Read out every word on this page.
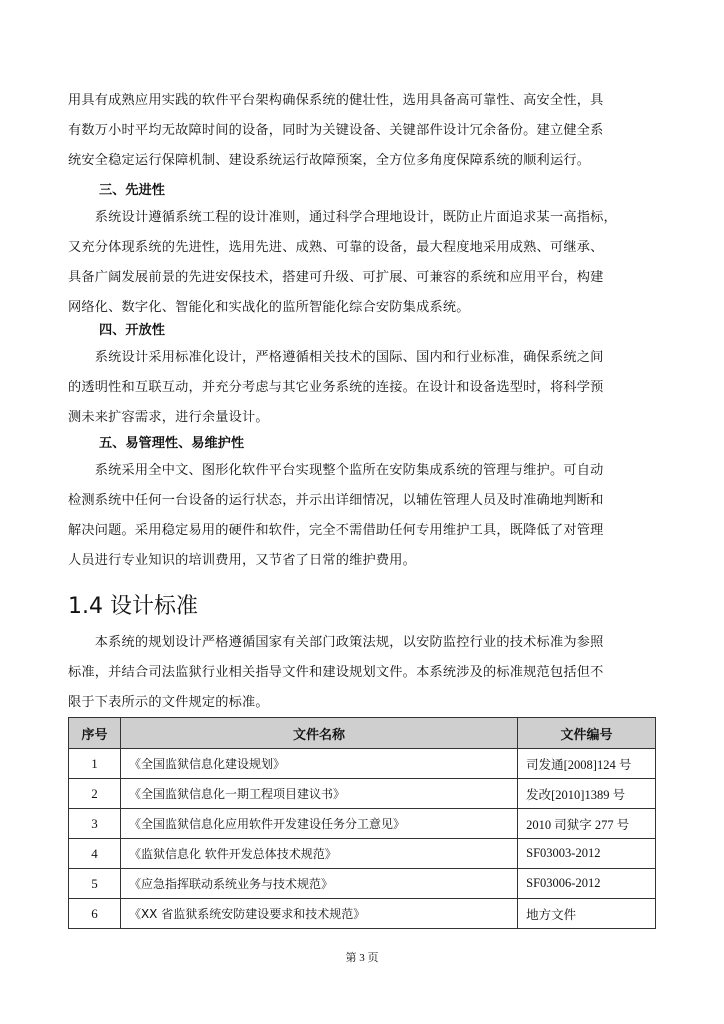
用具有成熟应用实践的软件平台架构确保系统的健壮性，选用具备高可靠性、高安全性，具
有数万小时平均无故障时间的设备，同时为关键设备、关键部件设计冗余备份。建立健全系
统安全稳定运行保障机制、建设系统运行故障预案，全方位多角度保障系统的顺利运行。
三、先进性
　　系统设计遵循系统工程的设计准则，通过科学合理地设计，既防止片面追求某一高指标，
又充分体现系统的先进性，选用先进、成熟、可靠的设备，最大程度地采用成熟、可继承、
具备广阔发展前景的先进安保技术，搭建可升级、可扩展、可兼容的系统和应用平台，构建
网络化、数字化、智能化和实战化的监所智能化综合安防集成系统。
四、开放性
　　系统设计采用标准化设计，严格遵循相关技术的国际、国内和行业标准，确保系统之间
的透明性和互联互动，并充分考虑与其它业务系统的连接。在设计和设备选型时，将科学预
测未来扩容需求，进行余量设计。
五、易管理性、易维护性
　　系统采用全中文、图形化软件平台实现整个监所在安防集成系统的管理与维护。可自动
检测系统中任何一台设备的运行状态，并示出详细情况，以辅佐管理人员及时准确地判断和
解决问题。采用稳定易用的硬件和软件，完全不需借助任何专用维护工具，既降低了对管理
人员进行专业知识的培训费用，又节省了日常的维护费用。
1.4 设计标准
　　本系统的规划设计严格遵循国家有关部门政策法规，以安防监控行业的技术标准为参照
标准，并结合司法监狱行业相关指导文件和建设规划文件。本系统涉及的标准规范包括但不
限于下表所示的文件规定的标准。
序号	文件名称	文件编号
1	《全国监狱信息化建设规划》	司发通[2008]124 号
2	《全国监狱信息化一期工程项目建议书》	发改[2010]1389 号
3	《全国监狱信息化应用软件开发建设任务分工意见》	2010 司狱字 277 号
4	《监狱信息化 软件开发总体技术规范》	SF03003-2012
5	《应急指挥联动系统业务与技术规范》	SF03006-2012
6	《XX 省监狱系统安防建设要求和技术规范》	地方文件
第 3 页
